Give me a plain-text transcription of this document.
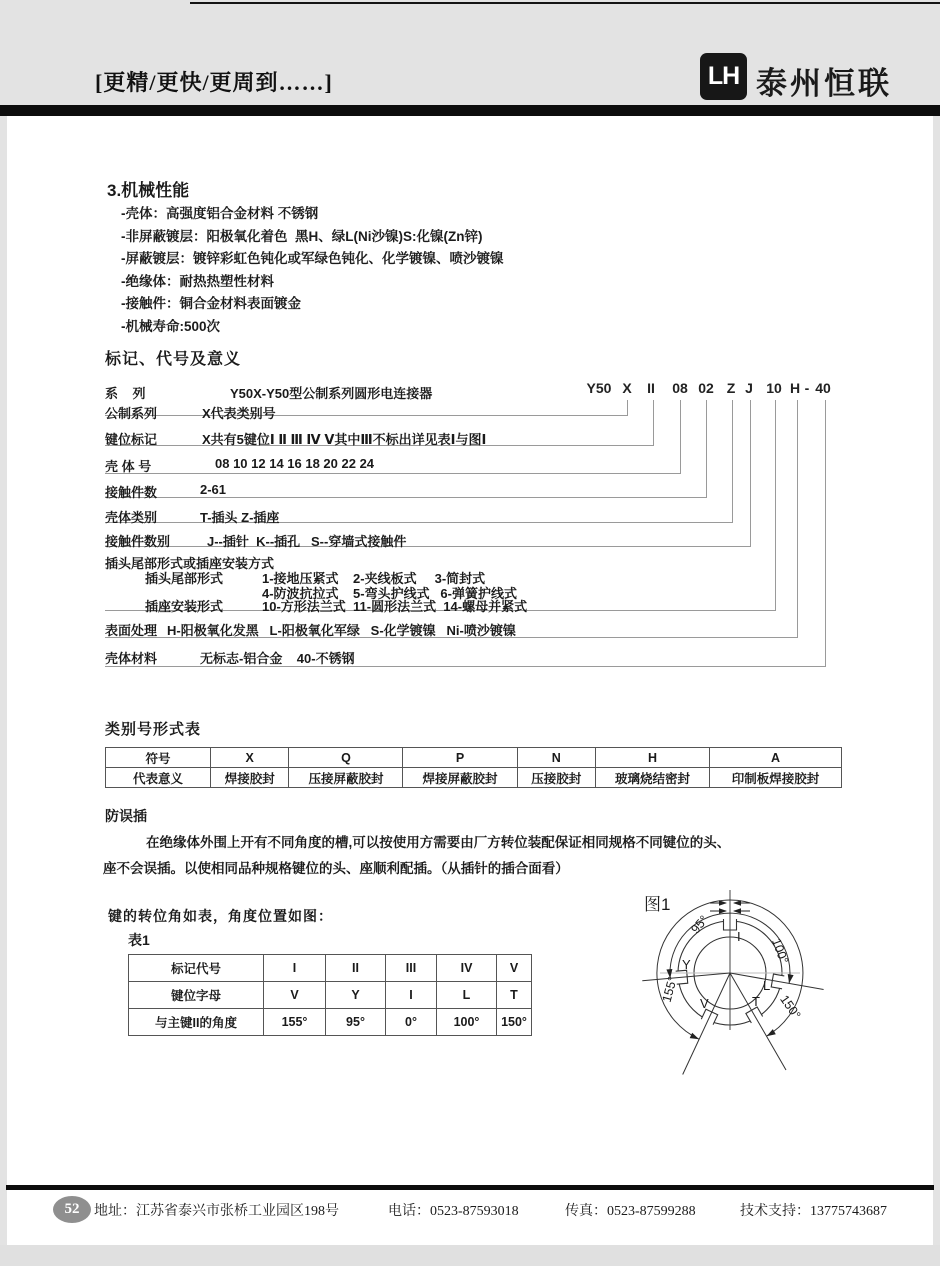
[更精/更快/更周到……]	LH 泰州恒联
3.机械性能
-壳体：高强度铝合金材料 不锈钢
-非屏蔽镀层：阳极氧化着色  黑H、绿L(Ni沙镍)S:化镍(Zn锌)
-屏蔽镀层：镀锌彩虹色钝化或军绿色钝化、化学镀镍、喷沙镀镍
-绝缘体：耐热热塑性材料
-接触件：铜合金材料表面镀金
-机械寿命:500次
标记、代号及意义
Y50 X II 08 02 Z J 10 H - 40
系    列	Y50X-Y50型公制系列圆形电连接器
公制系列	X代表类别号
键位标记	X共有5键位Ⅰ Ⅱ Ⅲ Ⅳ Ⅴ其中Ⅲ不标出详见表Ⅰ与图Ⅰ
壳 体 号	08 10 12 14 16 18 20 22 24
接触件数	2-61
壳体类别	T-插头 Z-插座
接触件数别	J--插针  K--插孔   S--穿墙式接触件
插头尾部形式或插座安装方式
插头尾部形式	1-接地压紧式    2-夹线板式     3-简封式
4-防波抗拉式    5-弯头护线式   6-弹簧护线式
插座安装形式	10-方形法兰式  11-圆形法兰式  14-螺母并紧式
表面处理 H-阳极氧化发黑   L-阳极氧化军绿   S-化学镀镍   Ni-喷沙镀镍
壳体材料	无标志-铝合金    40-不锈钢
类别号形式表
符号	X	Q	P	N	H	A
代表意义	焊接胶封	压接屏蔽胶封	焊接屏蔽胶封	压接胶封	玻璃烧结密封	印制板焊接胶封
防误插
在绝缘体外围上开有不同角度的槽,可以按使用方需要由厂方转位装配保证相同规格不同键位的头、
座不会误插。以使相同品种规格键位的头、座顺利配插。（从插针的插合面看）
键的转位角如表，角度位置如图：
表1
标记代号	I	II	III	IV	V
键位字母	V	Y	I	L	T
与主键II的角度	155°	95°	0°	100°	150°
图1
I
Y
L
V	T
95°
100°
155°
150°
52 地址：江苏省泰兴市张桥工业园区198号	电话：0523-87593018	传真：0523-87599288	技术支持：13775743687
